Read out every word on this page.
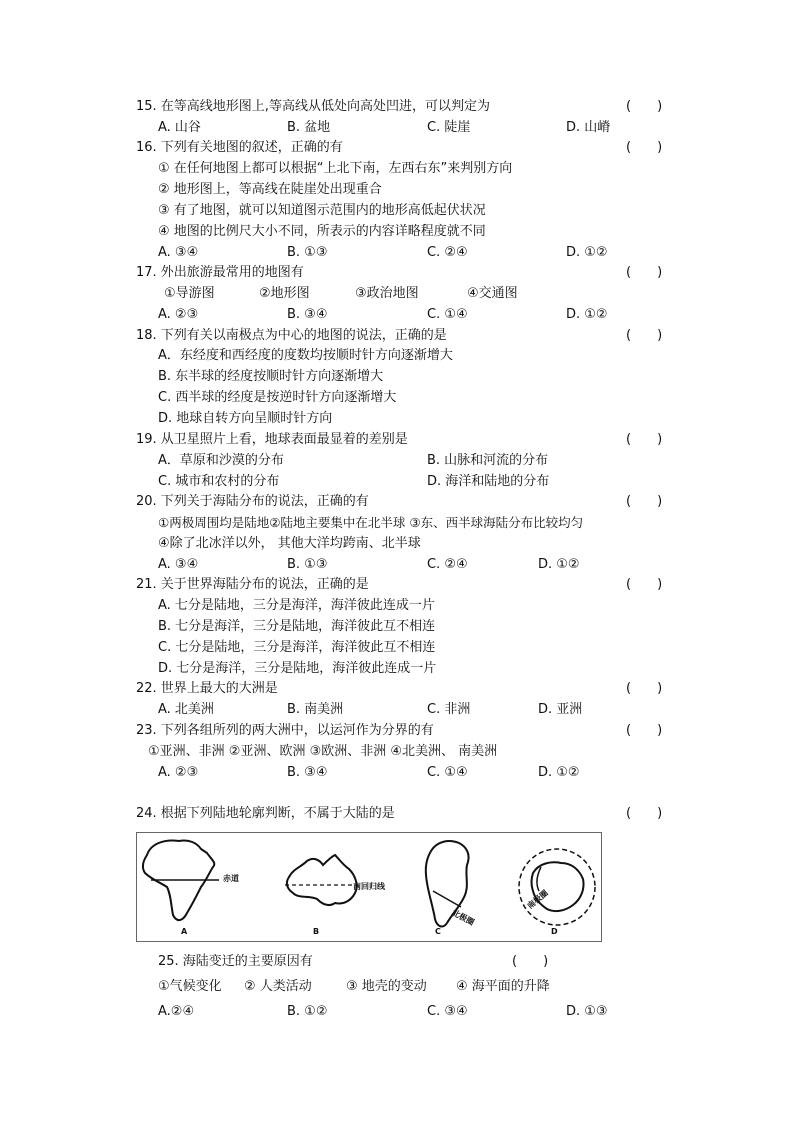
15. 在等高线地形图上,等高线从低处向高处凹进，可以判定为	(　　)
A. 山谷	B. 盆地	C. 陡崖	D. 山嵴
16. 下列有关地图的叙述，正确的有	(　　)
① 在任何地图上都可以根据“上北下南，左西右东”来判别方向
② 地形图上，等高线在陡崖处出现重合
③ 有了地图，就可以知道图示范围内的地形高低起伏状况
④ 地图的比例尺大小不同，所表示的内容详略程度就不同
A. ③④	B. ①③	C. ②④	D. ①②
17. 外出旅游最常用的地图有	(　　)
①导游图	②地形图	③政治地图	④交通图
A. ②③	B. ③④	C. ①④	D. ①②
18. 下列有关以南极点为中心的地图的说法，正确的是	(　　)
A．东经度和西经度的度数均按顺时针方向逐渐增大
B. 东半球的经度按顺时针方向逐渐增大
C. 西半球的经度是按逆时针方向逐渐增大
D. 地球自转方向呈顺时针方向
19. 从卫星照片上看，地球表面最显着的差别是	(　　)
A．草原和沙漠的分布	B. 山脉和河流的分布
C. 城市和农村的分布	D. 海洋和陆地的分布
20. 下列关于海陆分布的说法，正确的有	(　　)
①两极周围均是陆地②陆地主要集中在北半球 ③东、西半球海陆分布比较均匀
④除了北冰洋以外， 其他大洋均跨南、北半球
A. ③④	B. ①③	C. ②④	D. ①②
21. 关于世界海陆分布的说法，正确的是	(　　)
A. 七分是陆地，三分是海洋，海洋彼此连成一片
B. 七分是海洋，三分是陆地，海洋彼此互不相连
C. 七分是陆地，三分是海洋，海洋彼此互不相连
D. 七分是海洋，三分是陆地，海洋彼此连成一片
22. 世界上最大的大洲是	(　　)
A. 北美洲	B. 南美洲	C. 非洲	D. 亚洲
23. 下列各组所列的两大洲中，以运河作为分界的有	(　　)
①亚洲、非洲 ②亚洲、欧洲 ③欧洲、非洲 ④北美洲、 南美洲
A. ②③	B. ③④	C. ①④	D. ①②
24. 根据下列陆地轮廓判断，不属于大陆的是	(　　)
赤道
南回归线
北极圈
南极圈
A	B	C	D
25. 海陆变迁的主要原因有	(　　)
①气候变化 ② 人类活动	③ 地壳的变动 ④ 海平面的升降
A.②④	B. ①②	C. ③④	D. ①③
